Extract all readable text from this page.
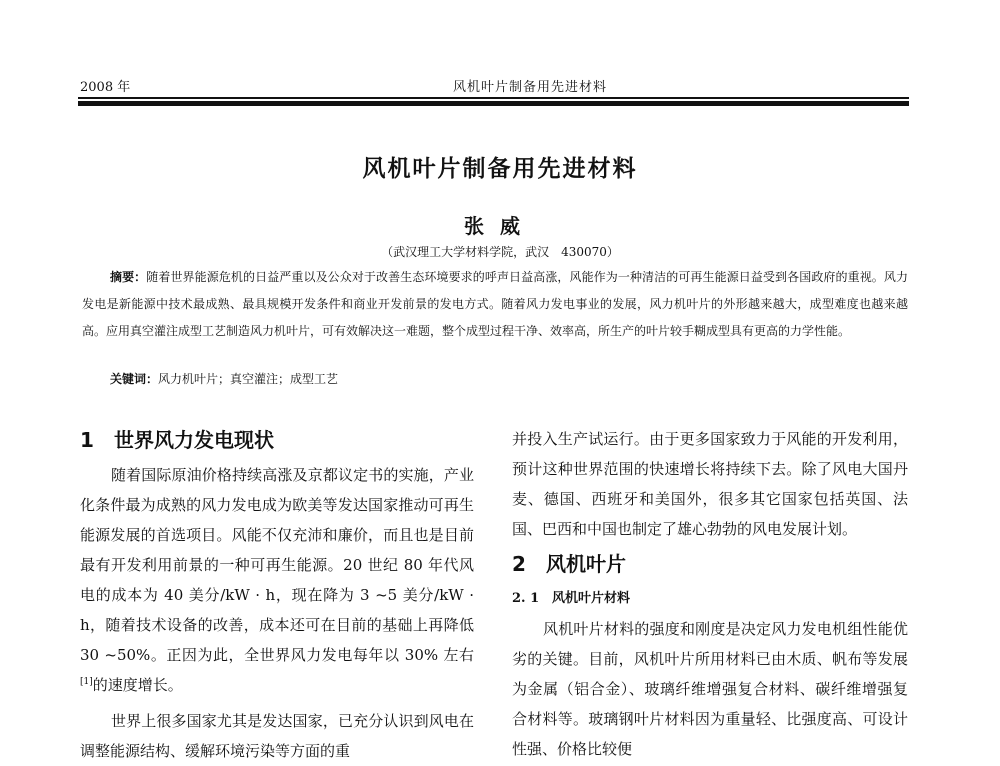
2008 年	风机叶片制备用先进材料
风机叶片制备用先进材料
张威
（武汉理工大学材料学院，武汉　430070）
摘要：随着世界能源危机的日益严重以及公众对于改善生态环境要求的呼声日益高涨，风能作为一种清洁的可再生能源日益受到各国政府的重视。风力发电是新能源中技术最成熟、最具规模开发条件和商业开发前景的发电方式。随着风力发电事业的发展，风力机叶片的外形越来越大，成型难度也越来越高。应用真空灌注成型工艺制造风力机叶片，可有效解决这一难题，整个成型过程干净、效率高，所生产的叶片较手糊成型具有更高的力学性能。
关键词：风力机叶片；真空灌注；成型工艺
1 世界风力发电现状

随着国际原油价格持续高涨及京都议定书的实施，产业化条件最为成熟的风力发电成为欧美等发达国家推动可再生能源发展的首选项目。风能不仅充沛和廉价，而且也是目前最有开发利用前景的一种可再生能源。20 世纪 80 年代风电的成本为 40 美分/kW · h，现在降为 3 ~5 美分/kW · h，随着技术设备的改善，成本还可在目前的基础上再降低 30 ~50%。正因为此，全世界风力发电每年以 30% 左右[1]的速度增长。

世界上很多国家尤其是发达国家，已充分认识到风电在调整能源结构、缓解环境污染等方面的重

并投入生产试运行。由于更多国家致力于风能的开发利用，预计这种世界范围的快速增长将持续下去。除了风电大国丹麦、德国、西班牙和美国外，很多其它国家包括英国、法国、巴西和中国也制定了雄心勃勃的风电发展计划。

2 风机叶片
2. 1 风机叶片材料

风机叶片材料的强度和刚度是决定风力发电机组性能优劣的关键。目前，风机叶片所用材料已由木质、帆布等发展为金属（铝合金）、玻璃纤维增强复合材料、碳纤维增强复合材料等。玻璃钢叶片材料因为重量轻、比强度高、可设计性强、价格比较便
